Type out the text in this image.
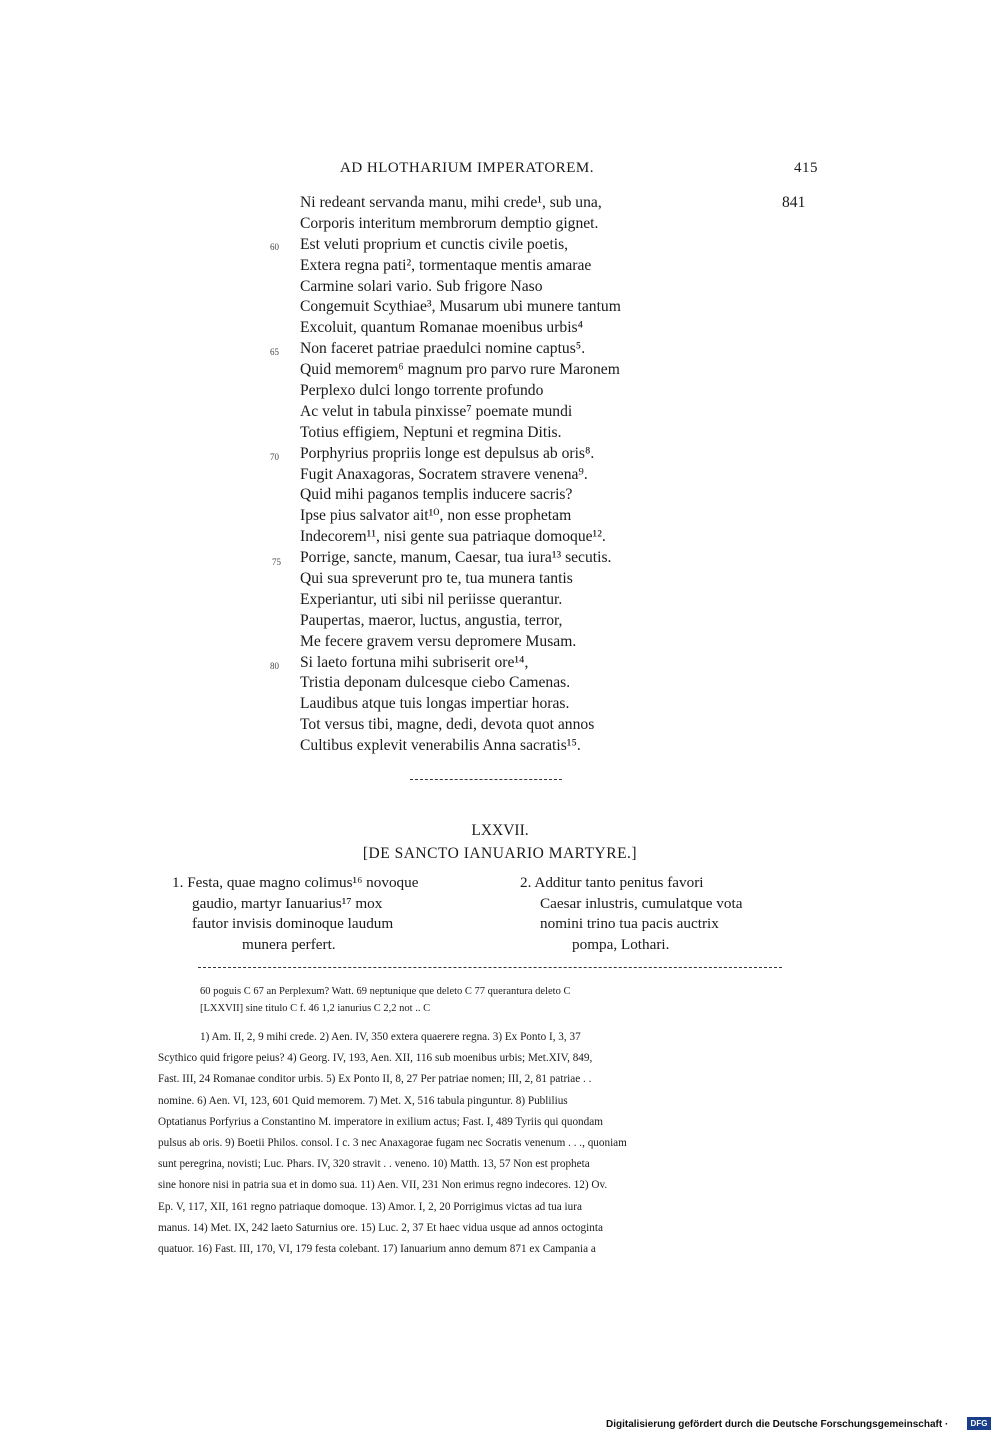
AD HLOTHARIUM IMPERATOREM.	415
841
60
65
70
75
80
Ni redeant servanda manu, mihi crede¹, sub una,
Corporis interitum membrorum demptio gignet.
Est veluti proprium et cunctis civile poetis,
Extera regna pati², tormentaque mentis amarae
Carmine solari vario. Sub frigore Naso
Congemuit Scythiae³, Musarum ubi munere tantum
Excoluit, quantum Romanae moenibus urbis⁴
Non faceret patriae praedulci nomine captus⁵.
Quid memorem⁶ magnum pro parvo rure Maronem
Perplexo dulci longo torrente profundo
Ac velut in tabula pinxisse⁷ poemate mundi
Totius effigiem, Neptuni et regmina Ditis.
Porphyrius propriis longe est depulsus ab oris⁸.
Fugit Anaxagoras, Socratem stravere venena⁹.
Quid mihi paganos templis inducere sacris?
Ipse pius salvator ait¹⁰, non esse prophetam
Indecorem¹¹, nisi gente sua patriaque domoque¹².
Porrige, sancte, manum, Caesar, tua iura¹³ secutis.
Qui sua spreverunt pro te, tua munera tantis
Experiantur, uti sibi nil periisse querantur.
Paupertas, maeror, luctus, angustia, terror,
Me fecere gravem versu depromere Musam.
Si laeto fortuna mihi subriserit ore¹⁴,
Tristia deponam dulcesque ciebo Camenas.
Laudibus atque tuis longas impertiar horas.
Tot versus tibi, magne, dedi, devota quot annos
Cultibus explevit venerabilis Anna sacratis¹⁵.
LXXVII.
[DE SANCTO IANUARIO MARTYRE.]
1. Festa, quae magno colimus¹⁶ novoque
gaudio, martyr Ianuarius¹⁷ mox
fautor invisis dominoque laudum
munera perfert.
2. Additur tanto penitus favori
Caesar inlustris, cumulatque vota
nomini trino tua pacis auctrix
pompa, Lothari.
60 poguis C 67 an Perplexum? Watt. 69 neptunique que deleto C 77 querantura deleto C
[LXXVII] sine titulo C f. 46 1,2 ianurius C 2,2 not .. C
1) Am. II, 2, 9 mihi crede. 2) Aen. IV, 350 extera quaerere regna. 3) Ex Ponto I, 3, 37
Scythico quid frigore peius? 4) Georg. IV, 193, Aen. XII, 116 sub moenibus urbis; Met.XIV, 849,
Fast. III, 24 Romanae conditor urbis. 5) Ex Ponto II, 8, 27 Per patriae nomen; III, 2, 81 patriae . .
nomine. 6) Aen. VI, 123, 601 Quid memorem. 7) Met. X, 516 tabula pinguntur. 8) Publilius
Optatianus Porfyrius a Constantino M. imperatore in exilium actus; Fast. I, 489 Tyriis qui quondam
pulsus ab oris. 9) Boetii Philos. consol. I c. 3 nec Anaxagorae fugam nec Socratis venenum . . ., quoniam
sunt peregrina, novisti; Luc. Phars. IV, 320 stravit . . veneno. 10) Matth. 13, 57 Non est propheta
sine honore nisi in patria sua et in domo sua. 11) Aen. VII, 231 Non erimus regno indecores. 12) Ov.
Ep. V, 117, XII, 161 regno patriaque domoque. 13) Amor. I, 2, 20 Porrigimus victas ad tua iura
manus. 14) Met. IX, 242 laeto Saturnius ore. 15) Luc. 2, 37 Et haec vidua usque ad annos octoginta
quatuor. 16) Fast. III, 170, VI, 179 festa colebant. 17) Ianuarium anno demum 871 ex Campania a
Digitalisierung gefördert durch die Deutsche Forschungsgemeinschaft ·	DFG
